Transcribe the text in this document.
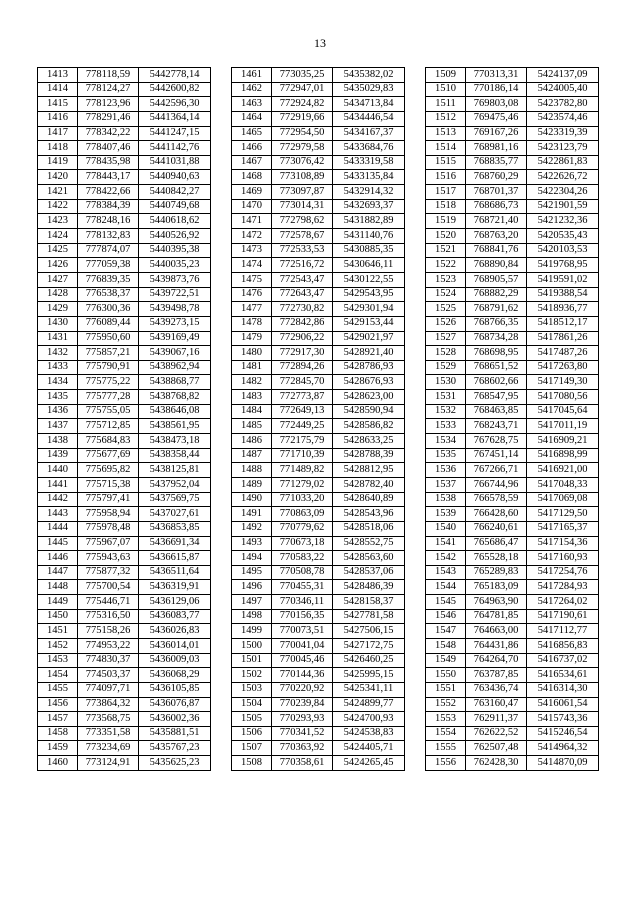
13
1413	778118,59	5442778,14
1414	778124,27	5442600,82
1415	778123,96	5442596,30
1416	778291,46	5441364,14
1417	778342,22	5441247,15
1418	778407,46	5441142,76
1419	778435,98	5441031,88
1420	778443,17	5440940,63
1421	778422,66	5440842,27
1422	778384,39	5440749,68
1423	778248,16	5440618,62
1424	778132,83	5440526,92
1425	777874,07	5440395,38
1426	777059,38	5440035,23
1427	776839,35	5439873,76
1428	776538,37	5439722,51
1429	776300,36	5439498,78
1430	776089,44	5439273,15
1431	775950,60	5439169,49
1432	775857,21	5439067,16
1433	775790,91	5438962,94
1434	775775,22	5438868,77
1435	775777,28	5438768,82
1436	775755,05	5438646,08
1437	775712,85	5438561,95
1438	775684,83	5438473,18
1439	775677,69	5438358,44
1440	775695,82	5438125,81
1441	775715,38	5437952,04
1442	775797,41	5437569,75
1443	775958,94	5437027,61
1444	775978,48	5436853,85
1445	775967,07	5436691,34
1446	775943,63	5436615,87
1447	775877,32	5436511,64
1448	775700,54	5436319,91
1449	775446,71	5436129,06
1450	775316,50	5436083,77
1451	775158,26	5436026,83
1452	774953,22	5436014,01
1453	774830,37	5436009,03
1454	774503,37	5436068,29
1455	774097,71	5436105,85
1456	773864,32	5436076,87
1457	773568,75	5436002,36
1458	773351,58	5435881,51
1459	773234,69	5435767,23
1460	773124,91	5435625,23
1461	773035,25	5435382,02
1462	772947,01	5435029,83
1463	772924,82	5434713,84
1464	772919,66	5434446,54
1465	772954,50	5434167,37
1466	772979,58	5433684,76
1467	773076,42	5433319,58
1468	773108,89	5433135,84
1469	773097,87	5432914,32
1470	773014,31	5432693,37
1471	772798,62	5431882,89
1472	772578,67	5431140,76
1473	772533,53	5430885,35
1474	772516,72	5430646,11
1475	772543,47	5430122,55
1476	772643,47	5429543,95
1477	772730,82	5429301,94
1478	772842,86	5429153,44
1479	772906,22	5429021,97
1480	772917,30	5428921,40
1481	772894,26	5428786,93
1482	772845,70	5428676,93
1483	772773,87	5428623,00
1484	772649,13	5428590,94
1485	772449,25	5428586,82
1486	772175,79	5428633,25
1487	771710,39	5428788,39
1488	771489,82	5428812,95
1489	771279,02	5428782,40
1490	771033,20	5428640,89
1491	770863,09	5428543,96
1492	770779,62	5428518,06
1493	770673,18	5428552,75
1494	770583,22	5428563,60
1495	770508,78	5428537,06
1496	770455,31	5428486,39
1497	770346,11	5428158,37
1498	770156,35	5427781,58
1499	770073,51	5427506,15
1500	770041,04	5427172,75
1501	770045,46	5426460,25
1502	770144,36	5425995,15
1503	770220,92	5425341,11
1504	770239,84	5424899,77
1505	770293,93	5424700,93
1506	770341,52	5424538,83
1507	770363,92	5424405,71
1508	770358,61	5424265,45
1509	770313,31	5424137,09
1510	770186,14	5424005,40
1511	769803,08	5423782,80
1512	769475,46	5423574,46
1513	769167,26	5423319,39
1514	768981,16	5423123,79
1515	768835,77	5422861,83
1516	768760,29	5422626,72
1517	768701,37	5422304,26
1518	768686,73	5421901,59
1519	768721,40	5421232,36
1520	768763,20	5420535,43
1521	768841,76	5420103,53
1522	768890,84	5419768,95
1523	768905,57	5419591,02
1524	768882,29	5419388,54
1525	768791,62	5418936,77
1526	768766,35	5418512,17
1527	768734,28	5417861,26
1528	768698,95	5417487,26
1529	768651,52	5417263,80
1530	768602,66	5417149,30
1531	768547,95	5417080,56
1532	768463,85	5417045,64
1533	768243,71	5417011,19
1534	767628,75	5416909,21
1535	767451,14	5416898,99
1536	767266,71	5416921,00
1537	766744,96	5417048,33
1538	766578,59	5417069,08
1539	766428,60	5417129,50
1540	766240,61	5417165,37
1541	765686,47	5417154,36
1542	765528,18	5417160,93
1543	765289,83	5417254,76
1544	765183,09	5417284,93
1545	764963,90	5417264,02
1546	764781,85	5417190,61
1547	764663,00	5417112,77
1548	764431,86	5416856,83
1549	764264,70	5416737,02
1550	763787,85	5416534,61
1551	763436,74	5416314,30
1552	763160,47	5416061,54
1553	762911,37	5415743,36
1554	762622,52	5415246,54
1555	762507,48	5414964,32
1556	762428,30	5414870,09
